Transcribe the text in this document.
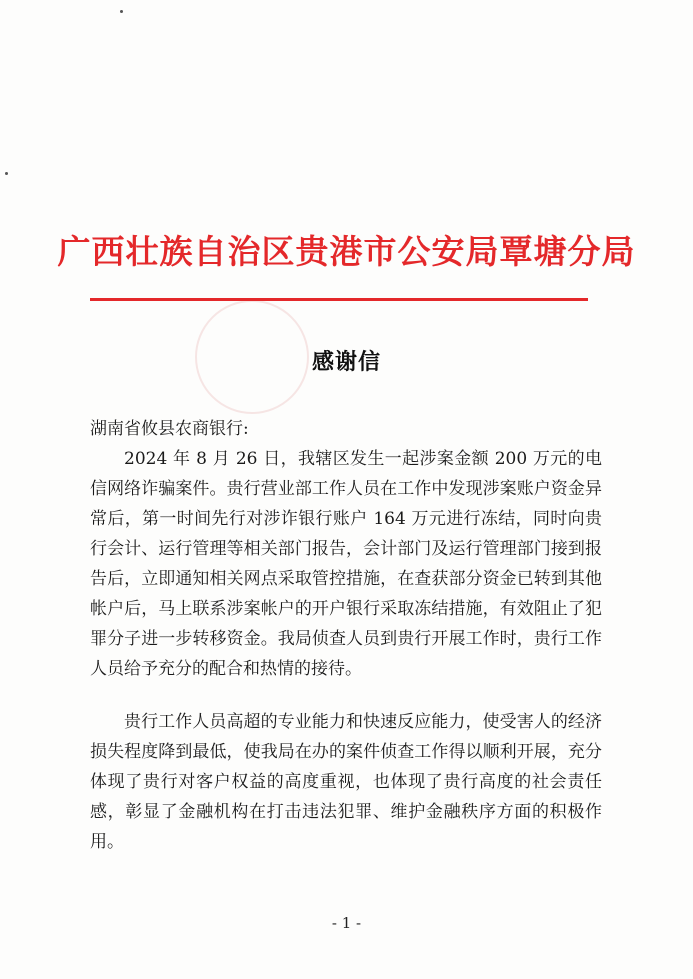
广西壮族自治区贵港市公安局覃塘分局
感谢信
湖南省攸县农商银行:

2024 年 8 月 26 日，我辖区发生一起涉案金额 200 万元的电信网络诈骗案件。贵行营业部工作人员在工作中发现涉案账户资金异常后，第一时间先行对涉诈银行账户 164 万元进行冻结，同时向贵行会计、运行管理等相关部门报告，会计部门及运行管理部门接到报告后，立即通知相关网点采取管控措施，在查获部分资金已转到其他帐户后，马上联系涉案帐户的开户银行采取冻结措施，有效阻止了犯罪分子进一步转移资金。我局侦查人员到贵行开展工作时，贵行工作人员给予充分的配合和热情的接待。

贵行工作人员高超的专业能力和快速反应能力，使受害人的经济损失程度降到最低，使我局在办的案件侦查工作得以顺利开展，充分体现了贵行对客户权益的高度重视，也体现了贵行高度的社会责任感，彰显了金融机构在打击违法犯罪、维护金融秩序方面的积极作用。

- 1 -
